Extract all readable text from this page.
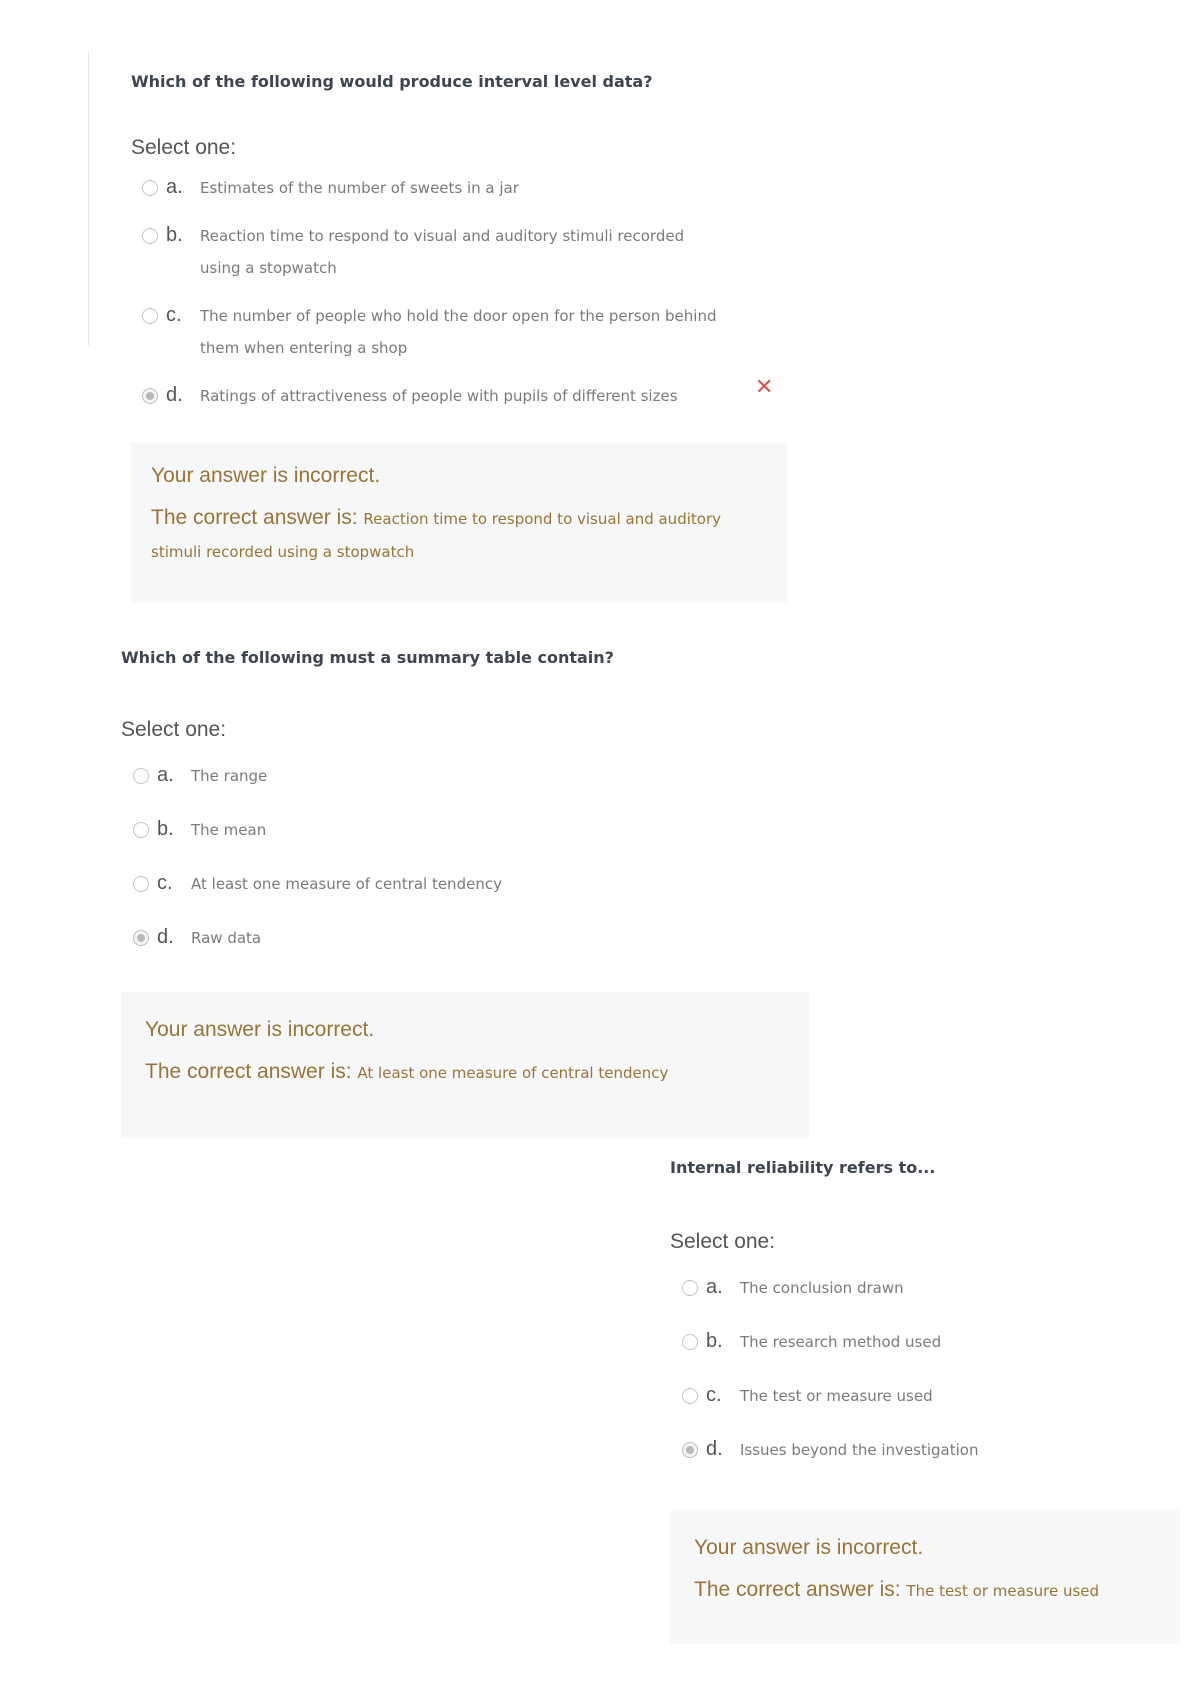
Which of the following would produce interval level data?

Select one:

a.	Estimates of the number of sweets in a jar
b.	Reaction time to respond to visual and auditory stimuli recorded using a stopwatch
c.	The number of people who hold the door open for the person behind them when entering a shop
d.	Ratings of attractiveness of people with pupils of different sizes	✕

Your answer is incorrect.

The correct answer is: Reaction time to respond to visual and auditory stimuli recorded using a stopwatch

Which of the following must a summary table contain?

Select one:

a.	The range
b.	The mean
c.	At least one measure of central tendency
d.	Raw data

Your answer is incorrect.

The correct answer is: At least one measure of central tendency

Internal reliability refers to...

Select one:

a.	The conclusion drawn
b.	The research method used
c.	The test or measure used
d.	Issues beyond the investigation

Your answer is incorrect.

The correct answer is: The test or measure used
